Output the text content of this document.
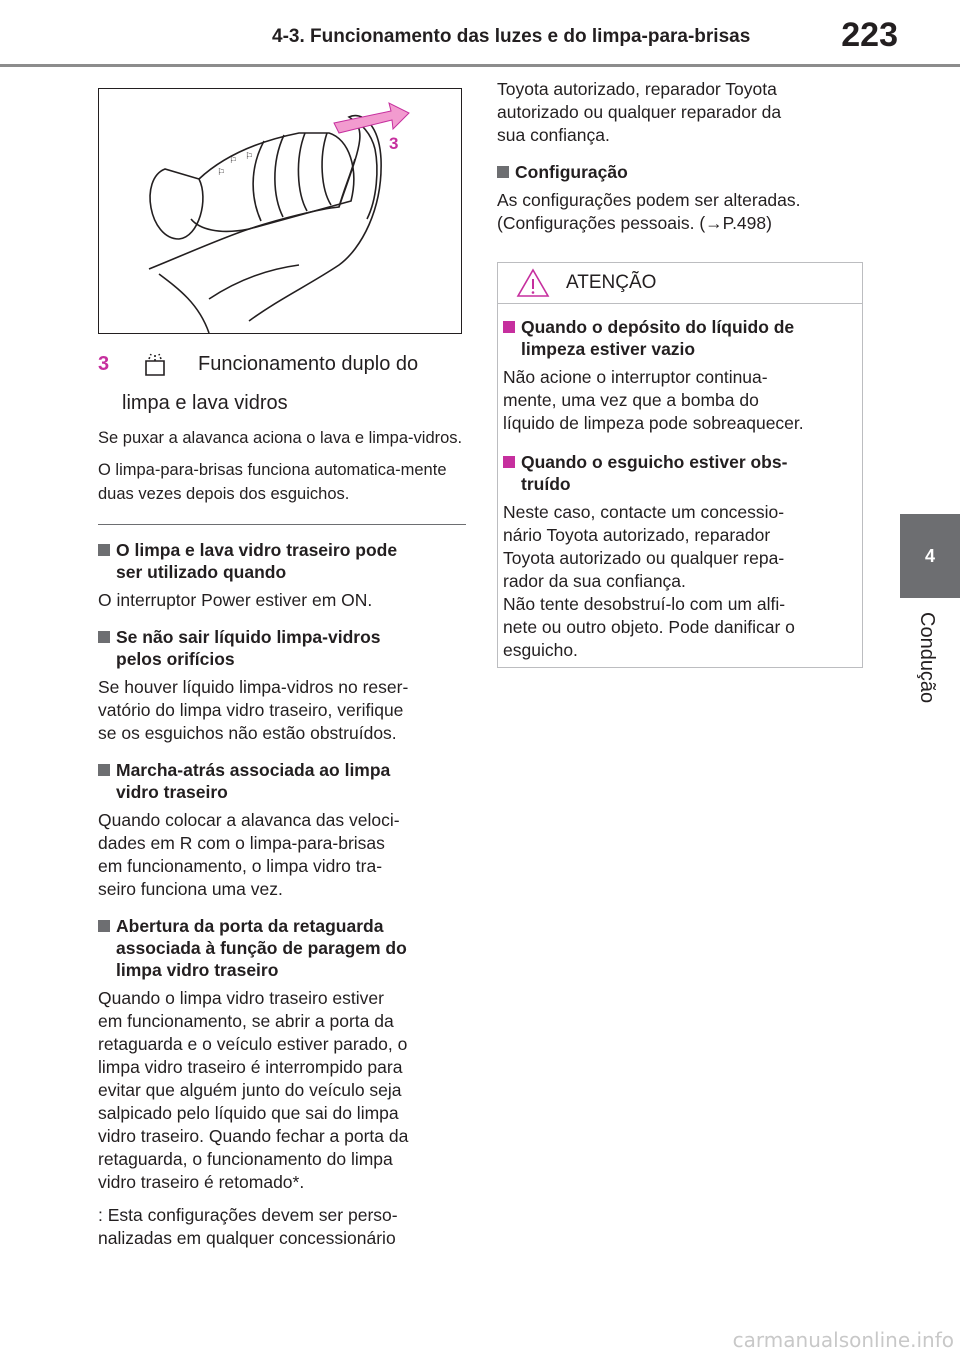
4-3. Funcionamento das luzes e do limpa-para-brisas	223
4
Condução
⚐
⚐
⚐
3
3	Funcionamento duplo do
limpa e lava vidros

Se puxar a alavanca aciona o lava e limpa-vidros.

O limpa-para-brisas funciona automatica-mente duas vezes depois dos esguichos.

O limpa e lava vidro traseiro pode
ser utilizado quando

O interruptor Power estiver em ON.

Se não sair líquido limpa-vidros
pelos orifícios

Se houver líquido limpa-vidros no reser-
vatório do limpa vidro traseiro, verifique
se os esguichos não estão obstruídos.

Marcha-atrás associada ao limpa
vidro traseiro

Quando colocar a alavanca das veloci-
dades em R com o limpa-para-brisas
em funcionamento, o limpa vidro tra-
seiro funciona uma vez.

Abertura da porta da retaguarda
associada à função de paragem do
limpa vidro traseiro

Quando o limpa vidro traseiro estiver
em funcionamento, se abrir a porta da
retaguarda e o veículo estiver parado, o
limpa vidro traseiro é interrompido para
evitar que alguém junto do veículo seja
salpicado pelo líquido que sai do limpa
vidro traseiro. Quando fechar a porta da
retaguarda, o funcionamento do limpa
vidro traseiro é retomado*.

: Esta configurações devem ser perso-
nalizadas em qualquer concessionário

Toyota autorizado, reparador Toyota
autorizado ou qualquer reparador da
sua confiança.

Configuração

As configurações podem ser alteradas.
(Configurações pessoais. (→P.498)

ATENÇÃO
Quando o depósito do líquido de
limpeza estiver vazio

Não acione o interruptor continua-
mente, uma vez que a bomba do
líquido de limpeza pode sobreaquecer.

Quando o esguicho estiver obs-
truído

Neste caso, contacte um concessio-
nário Toyota autorizado, reparador
Toyota autorizado ou qualquer repa-
rador da sua confiança.
Não tente desobstruí-lo com um alfi-
nete ou outro objeto. Pode danificar o
esguicho.

carmanualsonline.info
